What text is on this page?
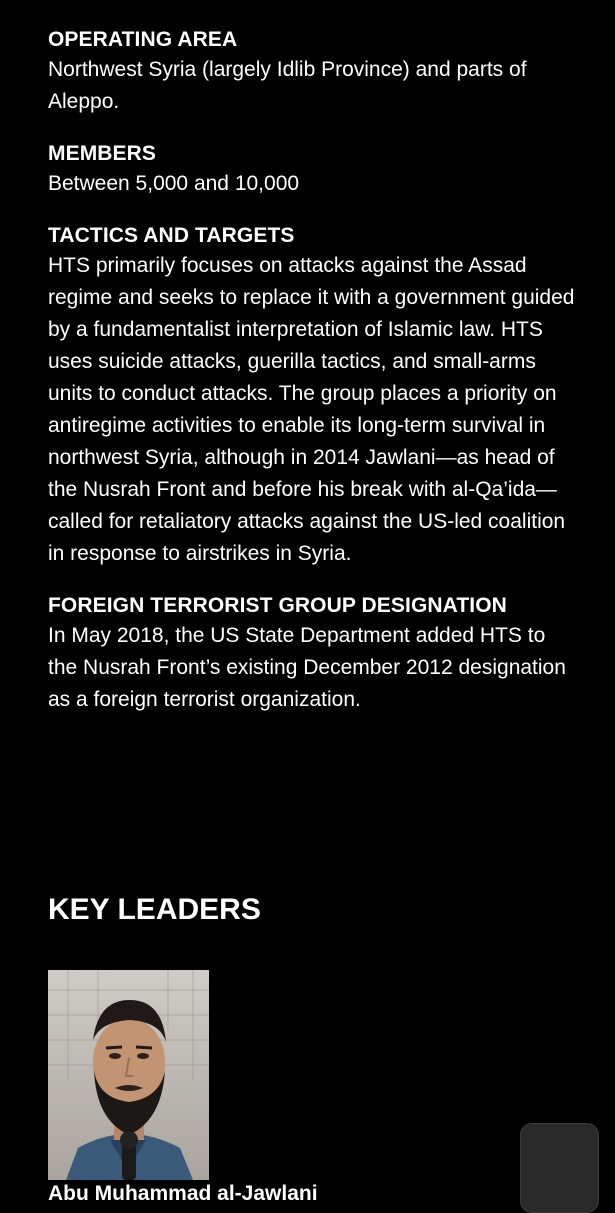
OPERATING AREA

Northwest Syria (largely Idlib Province) and parts of Aleppo.

MEMBERS

Between 5,000 and 10,000

TACTICS AND TARGETS

HTS primarily focuses on attacks against the Assad regime and seeks to replace it with a government guided by a fundamentalist interpretation of Islamic law. HTS uses suicide attacks, guerilla tactics, and small-arms units to conduct attacks. The group places a priority on antiregime activities to enable its long-term survival in northwest Syria, although in 2014 Jawlani—as head of the Nusrah Front and before his break with al-Qa’ida—called for retaliatory attacks against the US-led coalition in response to airstrikes in Syria.

FOREIGN TERRORIST GROUP DESIGNATION

In May 2018, the US State Department added HTS to the Nusrah Front’s existing December 2012 designation as a foreign terrorist organization.

KEY LEADERS

Abu Muhammad al-Jawlani
